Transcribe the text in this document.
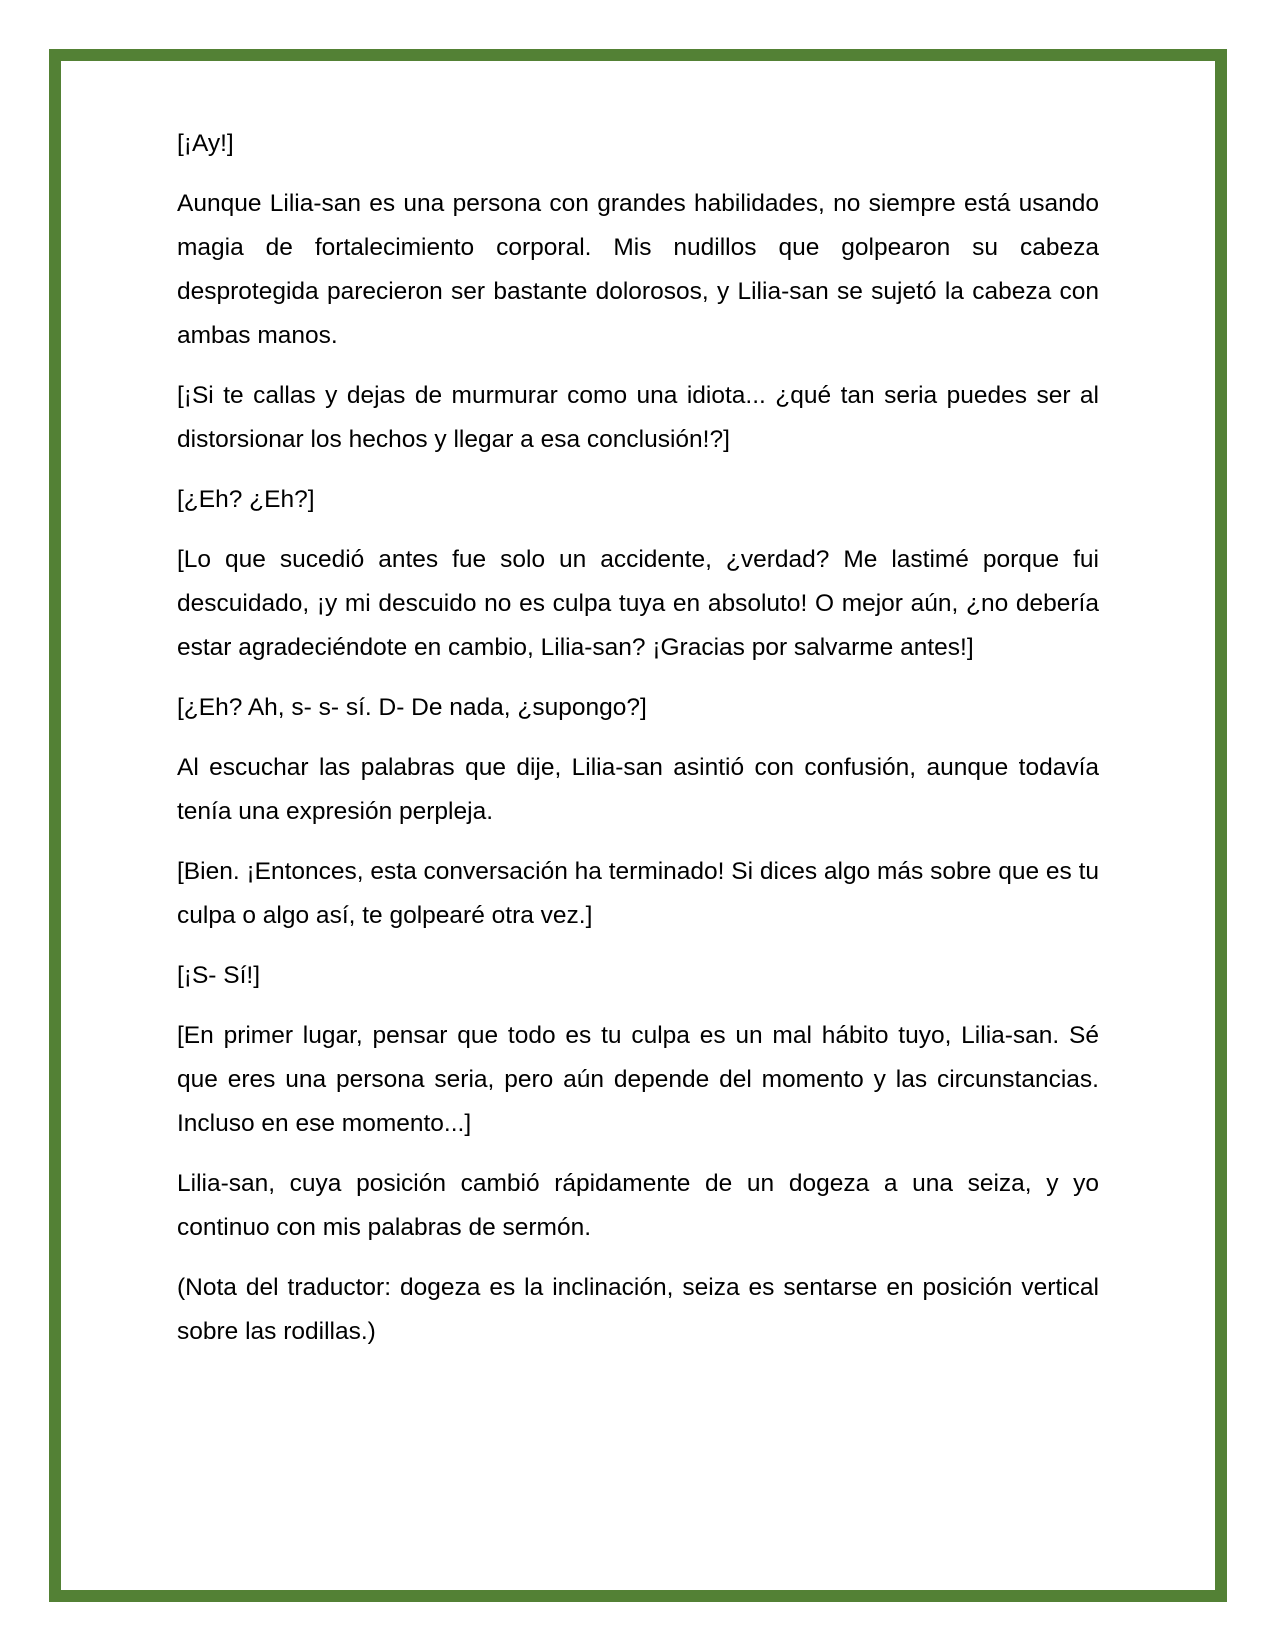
[¡Ay!]

Aunque Lilia-san es una persona con grandes habilidades, no siempre está usando magia de fortalecimiento corporal. Mis nudillos que golpearon su cabeza desprotegida parecieron ser bastante dolorosos, y Lilia-san se sujetó la cabeza con ambas manos.

[¡Si te callas y dejas de murmurar como una idiota... ¿qué tan seria puedes ser al distorsionar los hechos y llegar a esa conclusión!?]

[¿Eh? ¿Eh?]

[Lo que sucedió antes fue solo un accidente, ¿verdad? Me lastimé porque fui descuidado, ¡y mi descuido no es culpa tuya en absoluto! O mejor aún, ¿no debería estar agradeciéndote en cambio, Lilia-san? ¡Gracias por salvarme antes!]

[¿Eh? Ah, s- s- sí. D- De nada, ¿supongo?]

Al escuchar las palabras que dije, Lilia-san asintió con confusión, aunque todavía tenía una expresión perpleja.

[Bien. ¡Entonces, esta conversación ha terminado! Si dices algo más sobre que es tu culpa o algo así, te golpearé otra vez.]

[¡S- Sí!]

[En primer lugar, pensar que todo es tu culpa es un mal hábito tuyo, Lilia-san. Sé que eres una persona seria, pero aún depende del momento y las circunstancias. Incluso en ese momento...]

Lilia-san, cuya posición cambió rápidamente de un dogeza a una seiza, y yo continuo con mis palabras de sermón.

(Nota del traductor: dogeza es la inclinación, seiza es sentarse en posición vertical sobre las rodillas.)
